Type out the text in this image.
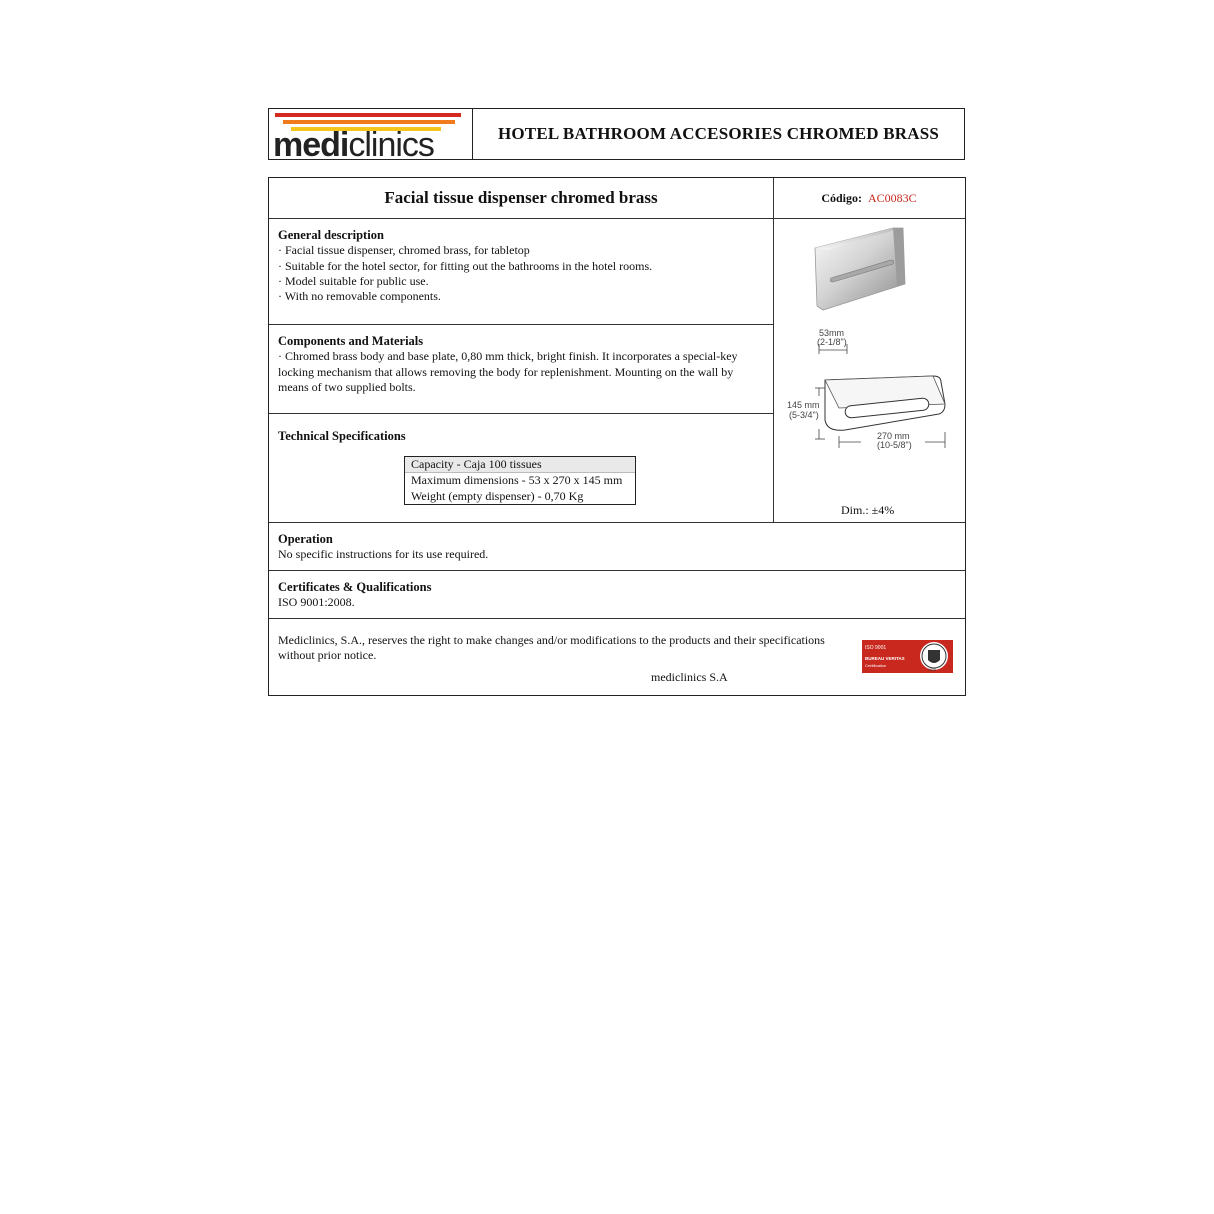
mediclinics	HOTEL BATHROOM ACCESORIES CHROMED BRASS
Facial tissue dispenser chromed brass	Código: AC0083C

General description

· Facial tissue dispenser, chromed brass, for tabletop

· Suitable for the hotel sector, for fitting out the bathrooms in the hotel rooms.

· Model suitable for public use.

· With no removable components.

Components and Materials

· Chromed brass body and base plate, 0,80 mm thick, bright finish. It incorporates a special-key

locking mechanism that allows removing the body for replenishment. Mounting on the wall by

means of two supplied bolts.

Technical Specifications

Capacity - Caja 100 tissues
Maximum dimensions - 53 x 270 x 145 mm
Weight (empty dispenser) - 0,70 Kg
53mm
(2-1/8")
145 mm
(5-3/4")
270 mm
(10-5/8")
Dim.: ±4%

Operation

No specific instructions for its use required.

Certificates & Qualifications

ISO 9001:2008.

Mediclinics, S.A., reserves the right to make changes and/or modifications to the products and their specifications
without prior notice.
mediclinics S.A
ISO 9001
BUREAU VERITAS
Certification
1828
